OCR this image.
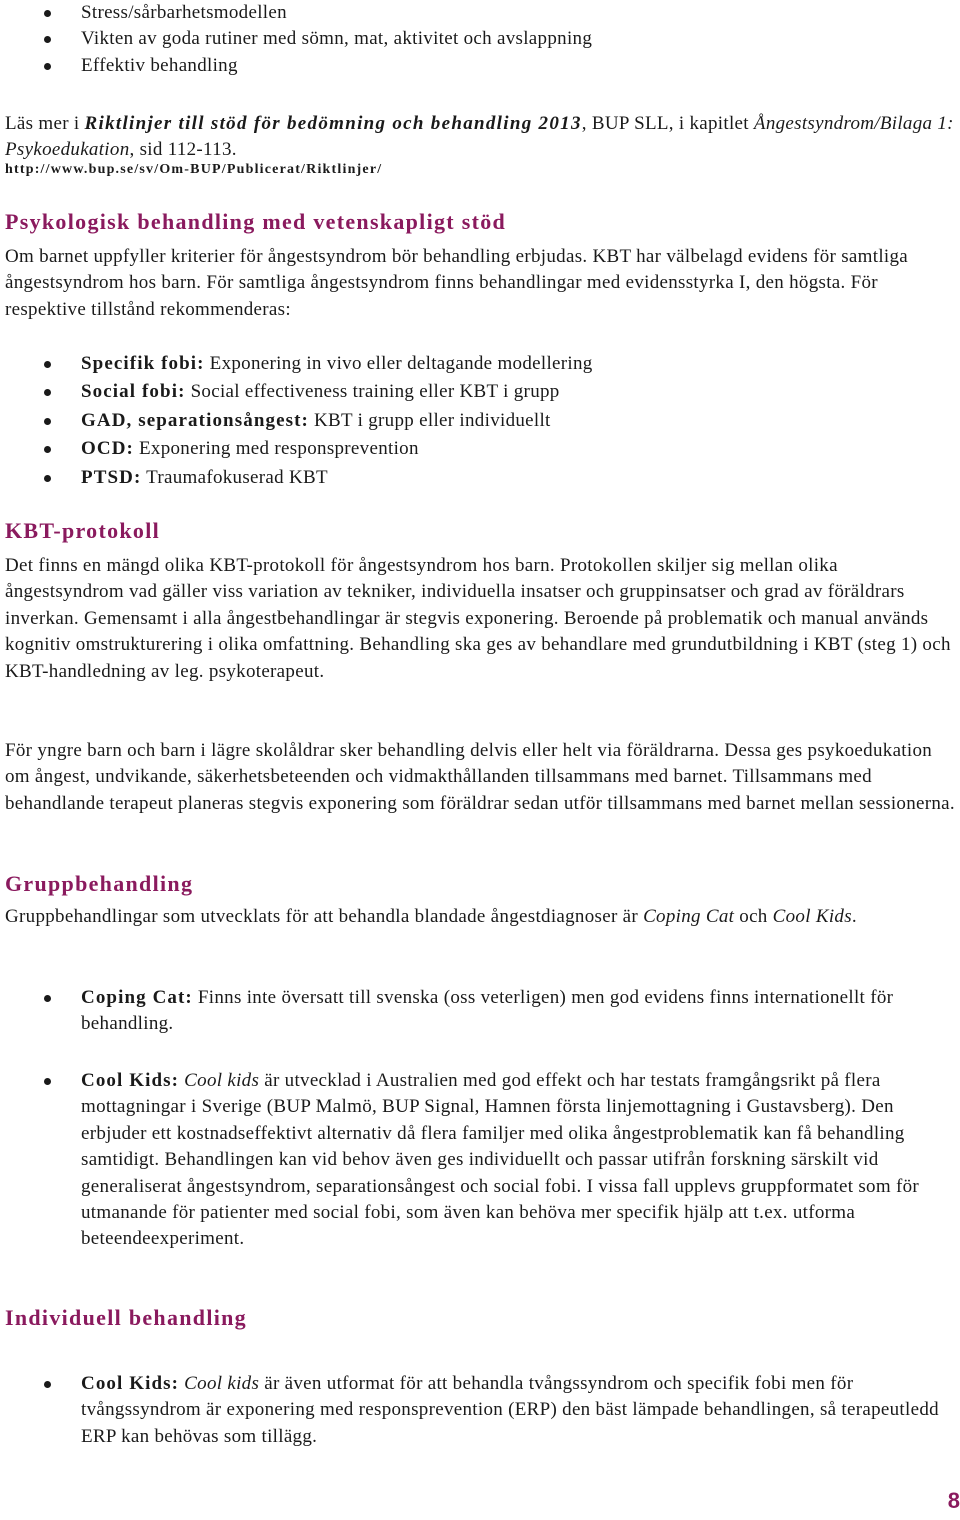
Stress/sårbarhetsmodellen
Vikten av goda rutiner med sömn, mat, aktivitet och avslappning
Effektiv behandling

Läs mer i Riktlinjer till stöd för bedömning och behandling 2013, BUP SLL, i kapitlet Ångestsyndrom/Bilaga 1: Psykoedukation, sid 112-113.

http://www.bup.se/sv/Om-BUP/Publicerat/Riktlinjer/
Psykologisk behandling med vetenskapligt stöd

Om barnet uppfyller kriterier för ångestsyndrom bör behandling erbjudas. KBT har välbelagd evidens för samtliga ångestsyndrom hos barn. För samtliga ångestsyndrom finns behandlingar med evidensstyrka I, den högsta. För respektive tillstånd rekommenderas:

Specifik fobi: Exponering in vivo eller deltagande modellering
Social fobi: Social effectiveness training eller KBT i grupp
GAD, separationsångest: KBT i grupp eller individuellt
OCD: Exponering med responsprevention
PTSD: Traumafokuserad KBT
KBT-protokoll

Det finns en mängd olika KBT-protokoll för ångestsyndrom hos barn. Protokollen skiljer sig mellan olika ångestsyndrom vad gäller viss variation av tekniker, individuella insatser och gruppinsatser och grad av föräldrars inverkan. Gemensamt i alla ångestbehandlingar är stegvis exponering. Beroende på problematik och manual används kognitiv omstrukturering i olika omfattning. Behandling ska ges av behandlare med grundutbildning i KBT (steg 1) och KBT-handledning av leg. psykoterapeut.

För yngre barn och barn i lägre skolåldrar sker behandling delvis eller helt via föräldrarna. Dessa ges psykoedukation om ångest, undvikande, säkerhetsbeteenden och vidmakthållanden tillsammans med barnet. Tillsammans med behandlande terapeut planeras stegvis exponering som föräldrar sedan utför tillsammans med barnet mellan sessionerna.

Gruppbehandling

Gruppbehandlingar som utvecklats för att behandla blandade ångestdiagnoser är Coping Cat och Cool Kids.

Coping Cat: Finns inte översatt till svenska (oss veterligen) men god evidens finns internationellt för behandling.
Cool Kids: Cool kids är utvecklad i Australien med god effekt och har testats framgångsrikt på flera mottagningar i Sverige (BUP Malmö, BUP Signal, Hamnen första linjemottagning i Gustavsberg). Den erbjuder ett kostnadseffektivt alternativ då flera familjer med olika ångestproblematik kan få behandling samtidigt. Behandlingen kan vid behov även ges individuellt och passar utifrån forskning särskilt vid generaliserat ångestsyndrom, separationsångest och social fobi. I vissa fall upplevs gruppformatet som för utmanande för patienter med social fobi, som även kan behöva mer specifik hjälp att t.ex. utforma beteendeexperiment.
Individuell behandling
Cool Kids: Cool kids är även utformat för att behandla tvångssyndrom och specifik fobi men för tvångssyndrom är exponering med responsprevention (ERP) den bäst lämpade behandlingen, så terapeutledd ERP kan behövas som tillägg.
8
